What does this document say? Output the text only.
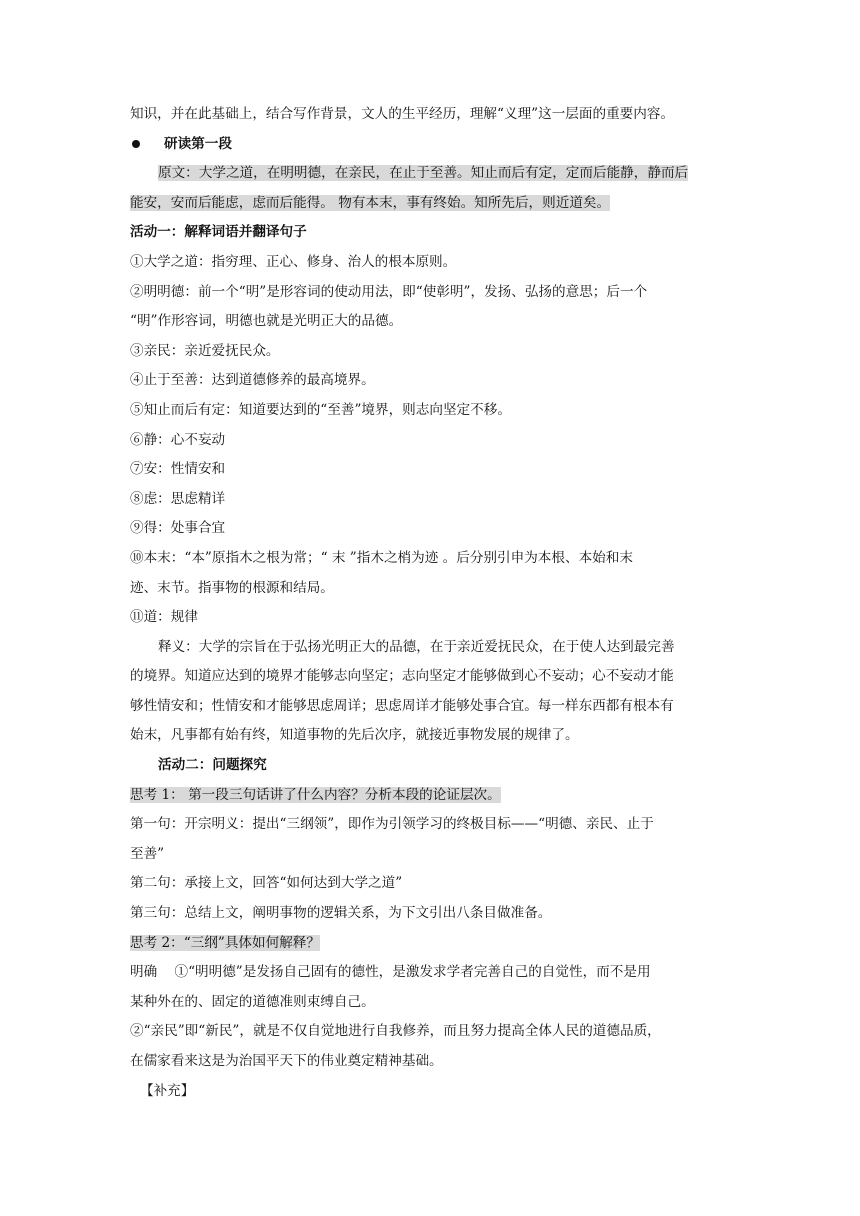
知识，并在此基础上，结合写作背景，文人的生平经历，理解“义理”这一层面的重要内容。
研读第一段
原文：大学之道，在明明德，在亲民，在止于至善。知止而后有定，定而后能静，静而后
能安，安而后能虑，虑而后能得。 物有本末，事有终始。知所先后，则近道矣。
活动一：解释词语并翻译句子
①大学之道：指穷理、正心、修身、治人的根本原则。
②明明德：前一个“明”是形容词的使动用法，即“使彰明”，发扬、弘扬的意思；后一个
“明”作形容词，明德也就是光明正大的品德。
③亲民：亲近爱抚民众。
④止于至善：达到道德修养的最高境界。
⑤知止而后有定：知道要达到的“至善”境界，则志向坚定不移。
⑥静：心不妄动
⑦安：性情安和
⑧虑：思虑精详
⑨得：处事合宜
⑩本末：“本”原指木之根为常；“ 末 ”指木之梢为迹 。后分别引申为本根、本始和末
迹、末节。指事物的根源和结局。
⑪道：规律
释义：大学的宗旨在于弘扬光明正大的品德，在于亲近爱抚民众，在于使人达到最完善
的境界。知道应达到的境界才能够志向坚定；志向坚定才能够做到心不妄动；心不妄动才能
够性情安和；性情安和才能够思虑周详；思虑周详才能够处事合宜。每一样东西都有根本有
始末，凡事都有始有终，知道事物的先后次序，就接近事物发展的规律了。
活动二：问题探究
思考 1： 第一段三句话讲了什么内容？分析本段的论证层次。
第一句：开宗明义：提出“三纲领”，即作为引领学习的终极目标——“明德、亲民、止于
至善”
第二句：承接上文，回答“如何达到大学之道”
第三句：总结上文，阐明事物的逻辑关系，为下文引出八条目做准备。
思考 2：“三纲”具体如何解释？
明确    ①“明明德”是发扬自己固有的德性，是激发求学者完善自己的自觉性，而不是用
某种外在的、固定的道德准则束缚自己。
②“亲民”即“新民”，就是不仅自觉地进行自我修养，而且努力提高全体人民的道德品质，
在儒家看来这是为治国平天下的伟业奠定精神基础。
【补充】
